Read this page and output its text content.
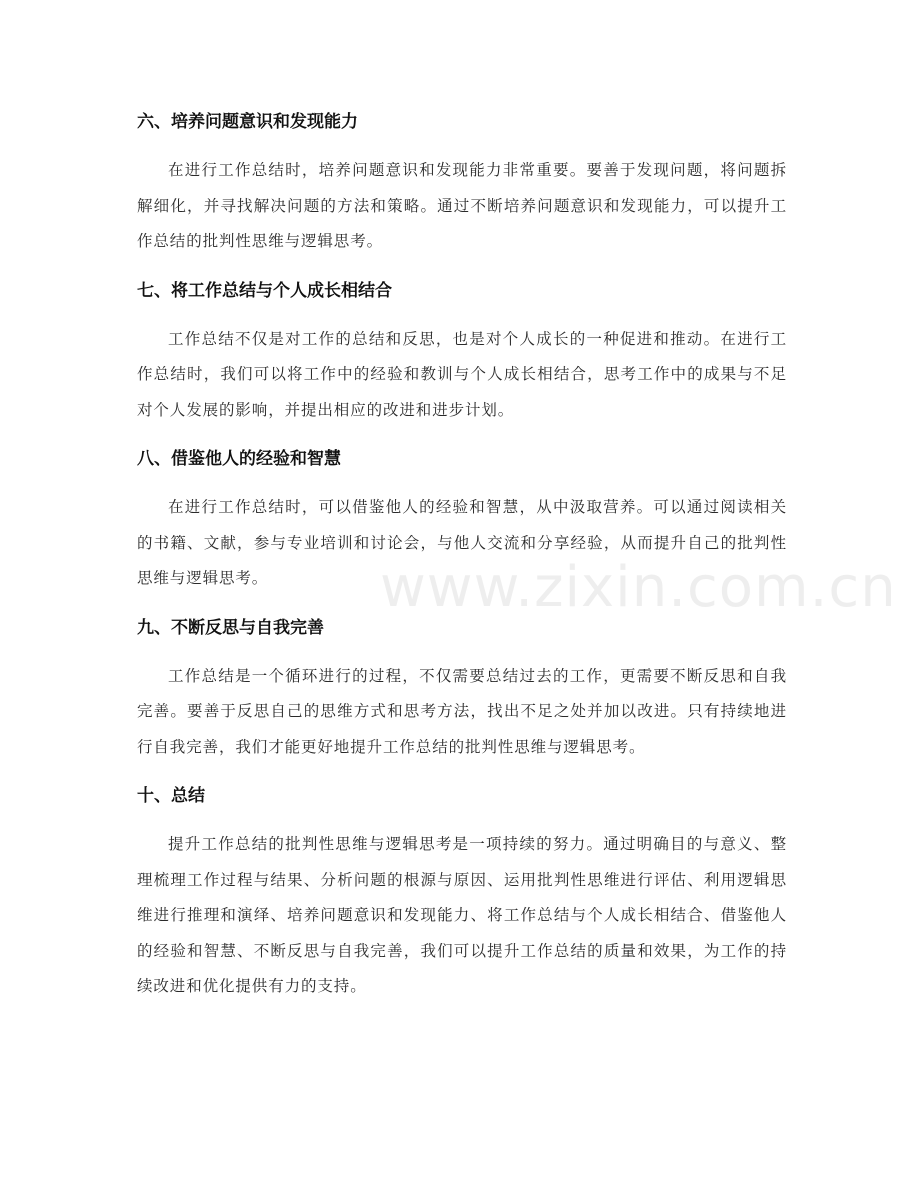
六、培养问题意识和发现能力

在进行工作总结时，培养问题意识和发现能力非常重要。要善于发现问题，将问题拆解细化，并寻找解决问题的方法和策略。通过不断培养问题意识和发现能力，可以提升工作总结的批判性思维与逻辑思考。

七、将工作总结与个人成长相结合

工作总结不仅是对工作的总结和反思，也是对个人成长的一种促进和推动。在进行工作总结时，我们可以将工作中的经验和教训与个人成长相结合，思考工作中的成果与不足对个人发展的影响，并提出相应的改进和进步计划。

八、借鉴他人的经验和智慧

在进行工作总结时，可以借鉴他人的经验和智慧，从中汲取营养。可以通过阅读相关的书籍、文献，参与专业培训和讨论会，与他人交流和分享经验，从而提升自己的批判性思维与逻辑思考。

九、不断反思与自我完善

工作总结是一个循环进行的过程，不仅需要总结过去的工作，更需要不断反思和自我完善。要善于反思自己的思维方式和思考方法，找出不足之处并加以改进。只有持续地进行自我完善，我们才能更好地提升工作总结的批判性思维与逻辑思考。

十、总结

提升工作总结的批判性思维与逻辑思考是一项持续的努力。通过明确目的与意义、整理梳理工作过程与结果、分析问题的根源与原因、运用批判性思维进行评估、利用逻辑思维进行推理和演绎、培养问题意识和发现能力、将工作总结与个人成长相结合、借鉴他人的经验和智慧、不断反思与自我完善，我们可以提升工作总结的质量和效果，为工作的持续改进和优化提供有力的支持。

www.zixin.com.cn
